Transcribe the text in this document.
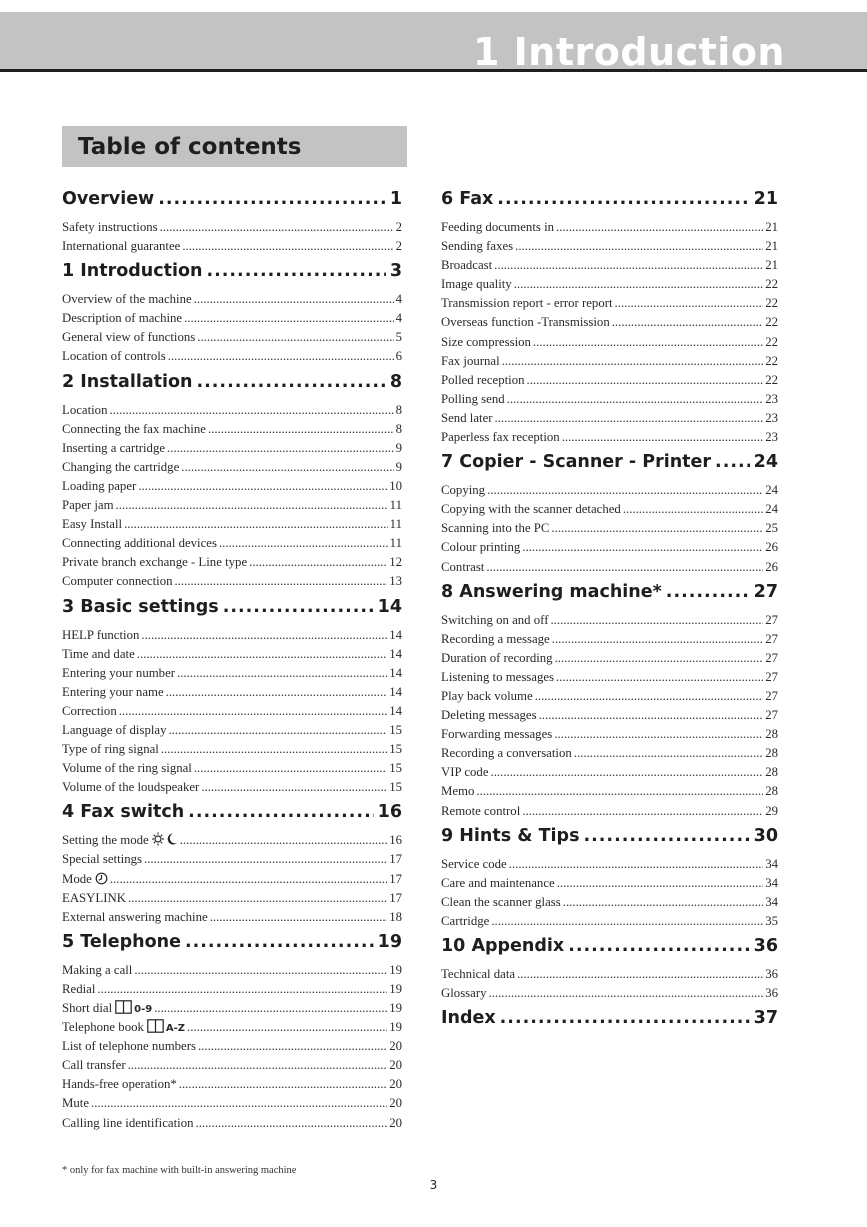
1 Introduction
Table of contents
Overview .....	1
Safety instructions .....	2
International guarantee .....	2
1 Introduction .....	3
Overview of the machine .....	4
Description of machine .....	4
General view of functions .....	5
Location of controls .....	6
2 Installation .....	8
Location .....	8
Connecting the fax machine .....	8
Inserting a cartridge .....	9
Changing the cartridge .....	9
Loading paper .....	10
Paper jam .....	11
Easy Install .....	11
Connecting additional devices .....	11
Private branch exchange - Line type .....	12
Computer connection .....	13
3 Basic settings .....	14
HELP function .....	14
Time and date .....	14
Entering your number .....	14
Entering your name .....	14
Correction .....	14
Language of display .....	15
Type of ring signal .....	15
Volume of the ring signal .....	15
Volume of the loudspeaker .....	15
4 Fax switch .....	16
Setting the mode .....	16
Special settings .....	17
Mode .....	17
EASYLINK .....	17
External answering machine .....	18
5 Telephone .....	19
Making a call .....	19
Redial .....	19
Short dial 0-9 .....	19
Telephone book A-Z .....	19
List of telephone numbers .....	20
Call transfer .....	20
Hands-free operation* .....	20
Mute .....	20
Calling line identification .....	20
6 Fax .....	21
Feeding documents in .....	21
Sending faxes .....	21
Broadcast .....	21
Image quality .....	22
Transmission report - error report .....	22
Overseas function -Transmission .....	22
Size compression .....	22
Fax journal .....	22
Polled reception .....	22
Polling send .....	23
Send later .....	23
Paperless fax reception .....	23
7 Copier - Scanner - Printer ..... 24
Copying .....	24
Copying with the scanner detached .....	24
Scanning into the PC .....	25
Colour printing .....	26
Contrast .....	26
8 Answering machine* .....	27
Switching on and off .....	27
Recording a message .....	27
Duration of recording .....	27
Listening to messages .....	27
Play back volume .....	27
Deleting messages .....	27
Forwarding messages .....	28
Recording a conversation .....	28
VIP code .....	28
Memo .....	28
Remote control .....	29
9 Hints & Tips .....	30
Service code .....	34
Care and maintenance .....	34
Clean the scanner glass .....	34
Cartridge .....	35
10 Appendix .....	36
Technical data .....	36
Glossary .....	36
Index .....	37
* only for fax machine with built-in answering machine
3
